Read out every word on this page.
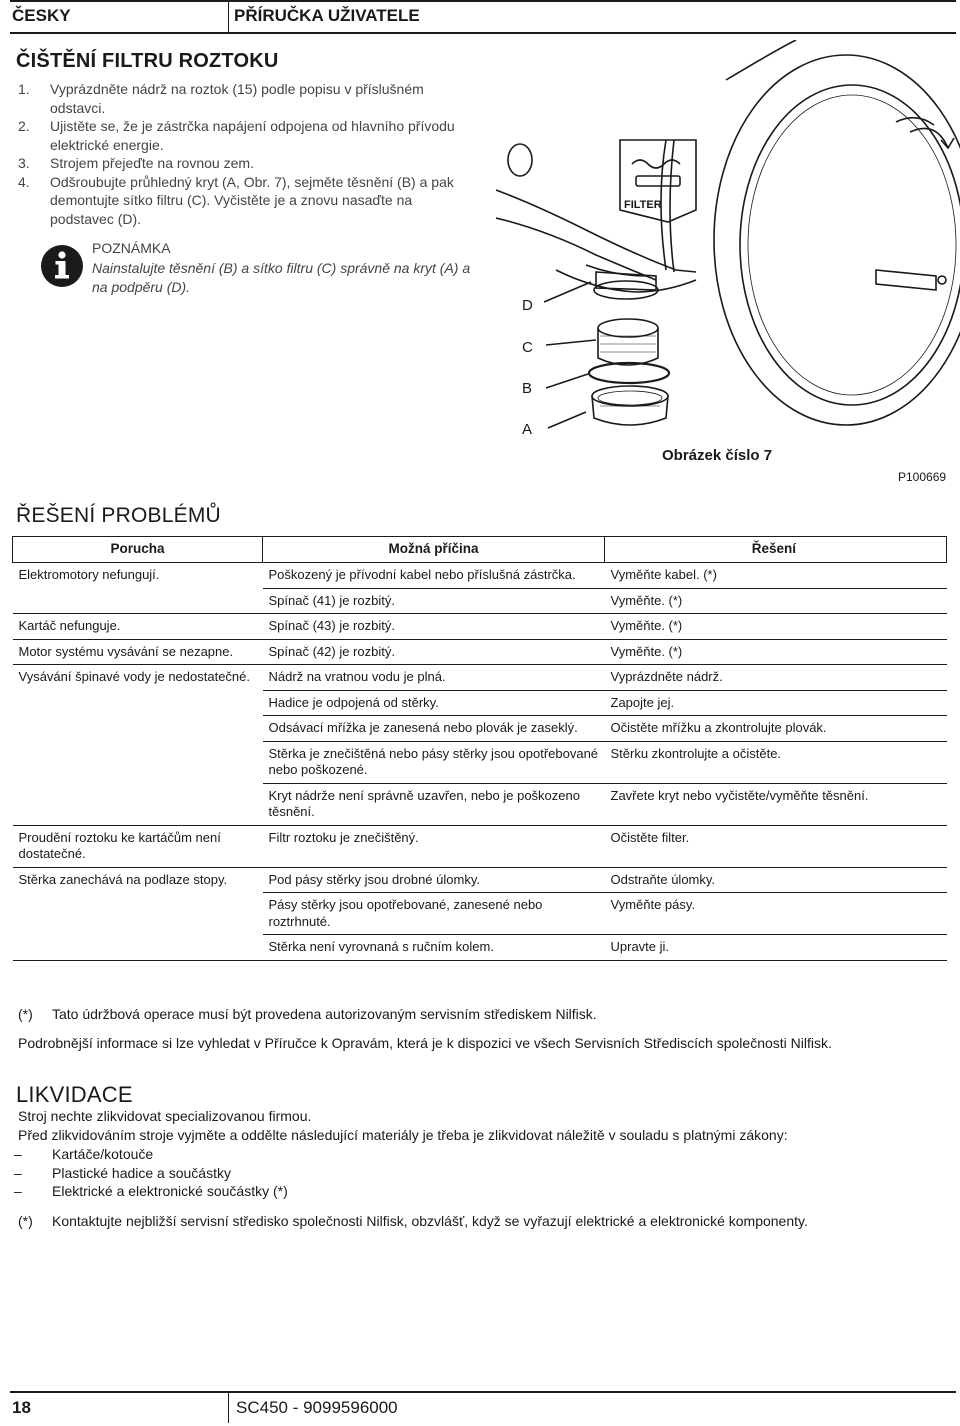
ČESKY	PŘÍRUČKA UŽIVATELE
ČIŠTĚNÍ FILTRU ROZTOKU
1. Vyprázdněte nádrž na roztok (15) podle popisu v příslušném odstavci.
2. Ujistěte se, že je zástrčka napájení odpojena od hlavního přívodu elektrické energie.
3. Strojem přejeďte na rovnou zem.
4. Odšroubujte průhledný kryt (A, Obr. 7), sejměte těsnění (B) a pak demontujte sítko filtru (C). Vyčistěte je a znovu nasaďte na podstavec (D).
POZNÁMKA
Nainstalujte těsnění (B) a sítko filtru (C) správně na kryt (A) a na podpěru (D).
FILTER
D
C
B
A
Obrázek číslo 7
P100669
ŘEŠENÍ PROBLÉMŮ
Porucha	Možná příčina	Řešení
Elektromotory nefungují.	Poškozený je přívodní kabel nebo příslušná zástrčka.	Vyměňte kabel. (*)
	Spínač (41) je rozbitý.	Vyměňte. (*)
Kartáč nefunguje.	Spínač (43) je rozbitý.	Vyměňte. (*)
Motor systému vysávání se nezapne.	Spínač (42) je rozbitý.	Vyměňte. (*)
Vysávání špinavé vody je nedostatečné.	Nádrž na vratnou vodu je plná.	Vyprázdněte nádrž.
	Hadice je odpojená od stěrky.	Zapojte jej.
	Odsávací mřížka je zanesená nebo plovák je zaseklý.	Očistěte mřížku a zkontrolujte plovák.
	Stěrka je znečištěná nebo pásy stěrky jsou opotřebované nebo poškozené.	Stěrku zkontrolujte a očistěte.
	Kryt nádrže není správně uzavřen, nebo je poškozeno těsnění.	Zavřete kryt nebo vyčistěte/vyměňte těsnění.
Proudění roztoku ke kartáčům není dostatečné.	Filtr roztoku je znečištěný.	Očistěte filter.
Stěrka zanechává na podlaze stopy.	Pod pásy stěrky jsou drobné úlomky.	Odstraňte úlomky.
	Pásy stěrky jsou opotřebované, zanesené nebo roztrhnuté.	Vyměňte pásy.
	Stěrka není vyrovnaná s ručním kolem.	Upravte ji.
(*) Tato údržbová operace musí být provedena autorizovaným servisním střediskem Nilfisk.
Podrobnější informace si lze vyhledat v Příručce k Opravám, která je k dispozici ve všech Servisních Střediscích společnosti Nilfisk.
LIKVIDACE
Stroj nechte zlikvidovat specializovanou firmou.
Před zlikvidováním stroje vyjměte a oddělte následující materiály je třeba je zlikvidovat náležitě v souladu s platnými zákony:
– Kartáče/kotouče
– Plastické hadice a součástky
– Elektrické a elektronické součástky (*)
(*) Kontaktujte nejbližší servisní středisko společnosti Nilfisk, obzvlášť, když se vyřazují elektrické a elektronické komponenty.
18	SC450 - 9099596000
